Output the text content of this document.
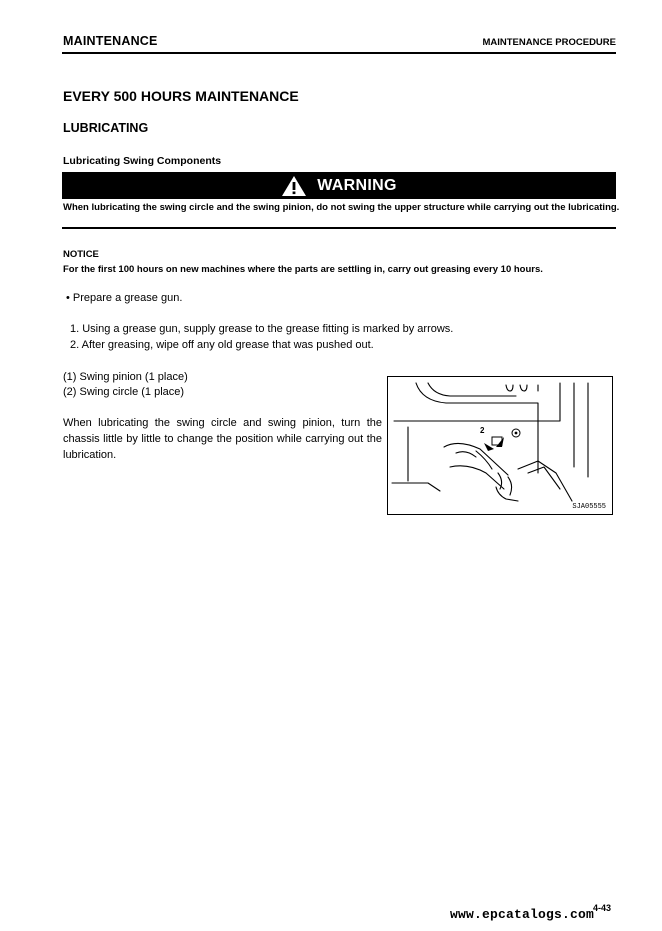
MAINTENANCE	MAINTENANCE PROCEDURE
EVERY 500 HOURS MAINTENANCE
LUBRICATING
Lubricating Swing Components
WARNING
When lubricating the swing circle and the swing pinion, do not swing the upper structure while carrying out the lubricating.
NOTICE
For the first 100 hours on new machines where the parts are settling in, carry out greasing every 10 hours.
• Prepare a grease gun.
1. Using a grease gun, supply grease to the grease fitting is marked by arrows.
2. After greasing, wipe off any old grease that was pushed out.
(1) Swing pinion (1 place)
(2) Swing circle (1 place)
When lubricating the swing circle and swing pinion, turn the chassis little by little to change the position while carrying out the lubrication.
2
SJA05555
4-43
www.epcatalogs.com
